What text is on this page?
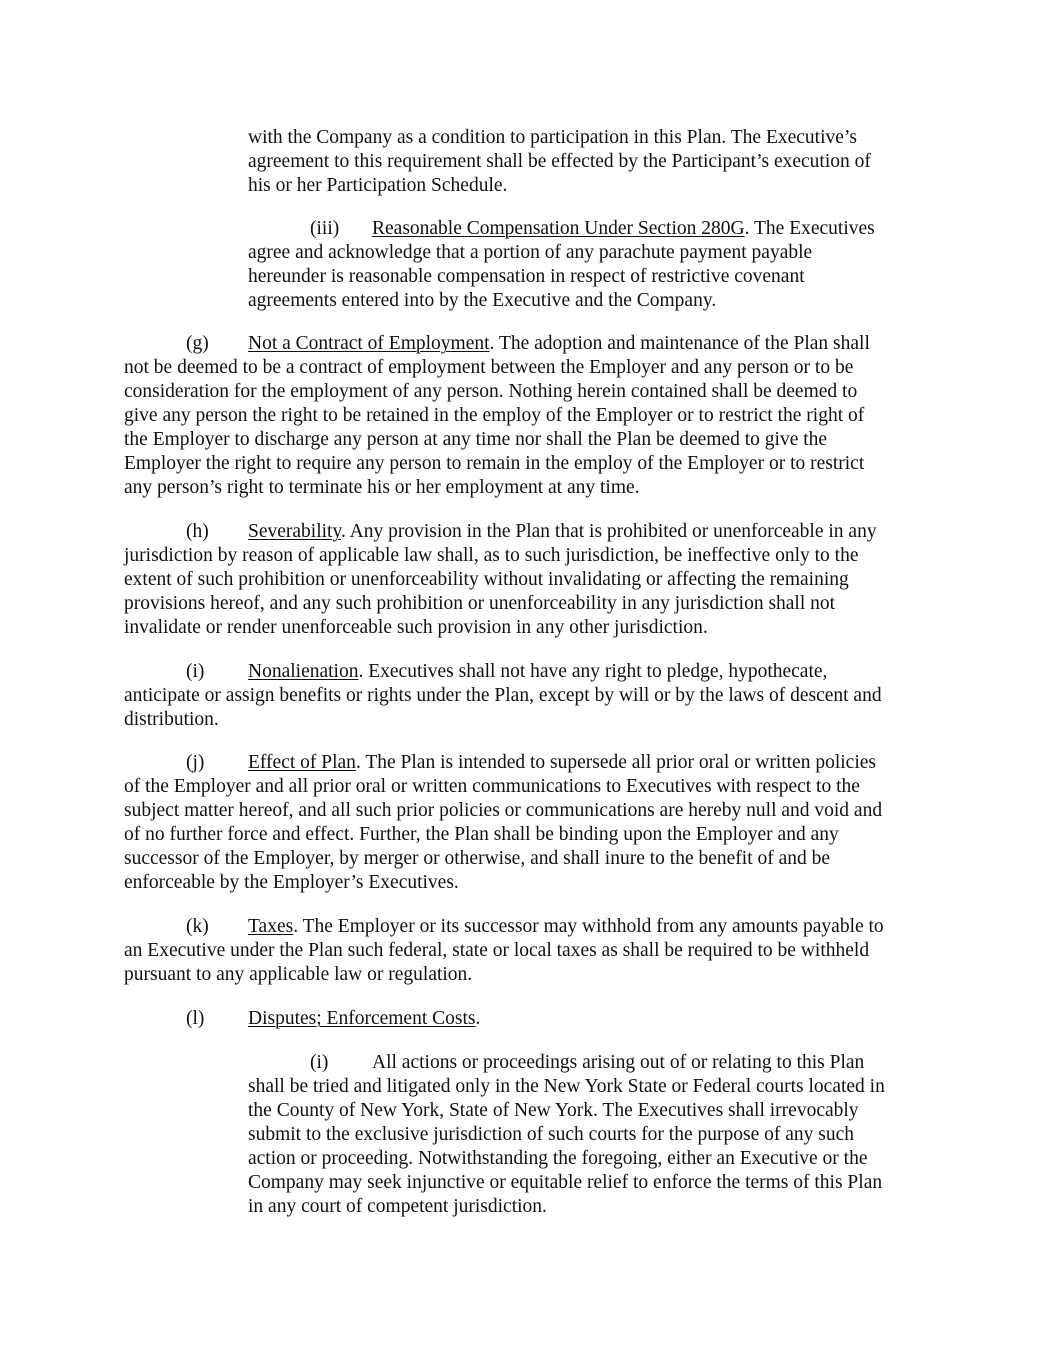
with the Company as a condition to participation in this Plan. The Executive’s
agreement to this requirement shall be effected by the Participant’s execution of
his or her Participation Schedule.
(iii) Reasonable Compensation Under Section 280G. The Executives
agree and acknowledge that a portion of any parachute payment payable
hereunder is reasonable compensation in respect of restrictive covenant
agreements entered into by the Executive and the Company.
(g) Not a Contract of Employment. The adoption and maintenance of the Plan shall
not be deemed to be a contract of employment between the Employer and any person or to be
consideration for the employment of any person. Nothing herein contained shall be deemed to
give any person the right to be retained in the employ of the Employer or to restrict the right of
the Employer to discharge any person at any time nor shall the Plan be deemed to give the
Employer the right to require any person to remain in the employ of the Employer or to restrict
any person’s right to terminate his or her employment at any time.
(h) Severability. Any provision in the Plan that is prohibited or unenforceable in any
jurisdiction by reason of applicable law shall, as to such jurisdiction, be ineffective only to the
extent of such prohibition or unenforceability without invalidating or affecting the remaining
provisions hereof, and any such prohibition or unenforceability in any jurisdiction shall not
invalidate or render unenforceable such provision in any other jurisdiction.
(i) Nonalienation. Executives shall not have any right to pledge, hypothecate,
anticipate or assign benefits or rights under the Plan, except by will or by the laws of descent and
distribution.
(j) Effect of Plan. The Plan is intended to supersede all prior oral or written policies
of the Employer and all prior oral or written communications to Executives with respect to the
subject matter hereof, and all such prior policies or communications are hereby null and void and
of no further force and effect. Further, the Plan shall be binding upon the Employer and any
successor of the Employer, by merger or otherwise, and shall inure to the benefit of and be
enforceable by the Employer’s Executives.
(k) Taxes. The Employer or its successor may withhold from any amounts payable to
an Executive under the Plan such federal, state or local taxes as shall be required to be withheld
pursuant to any applicable law or regulation.
(l) Disputes; Enforcement Costs.
(i) All actions or proceedings arising out of or relating to this Plan
shall be tried and litigated only in the New York State or Federal courts located in
the County of New York, State of New York. The Executives shall irrevocably
submit to the exclusive jurisdiction of such courts for the purpose of any such
action or proceeding. Notwithstanding the foregoing, either an Executive or the
Company may seek injunctive or equitable relief to enforce the terms of this Plan
in any court of competent jurisdiction.
